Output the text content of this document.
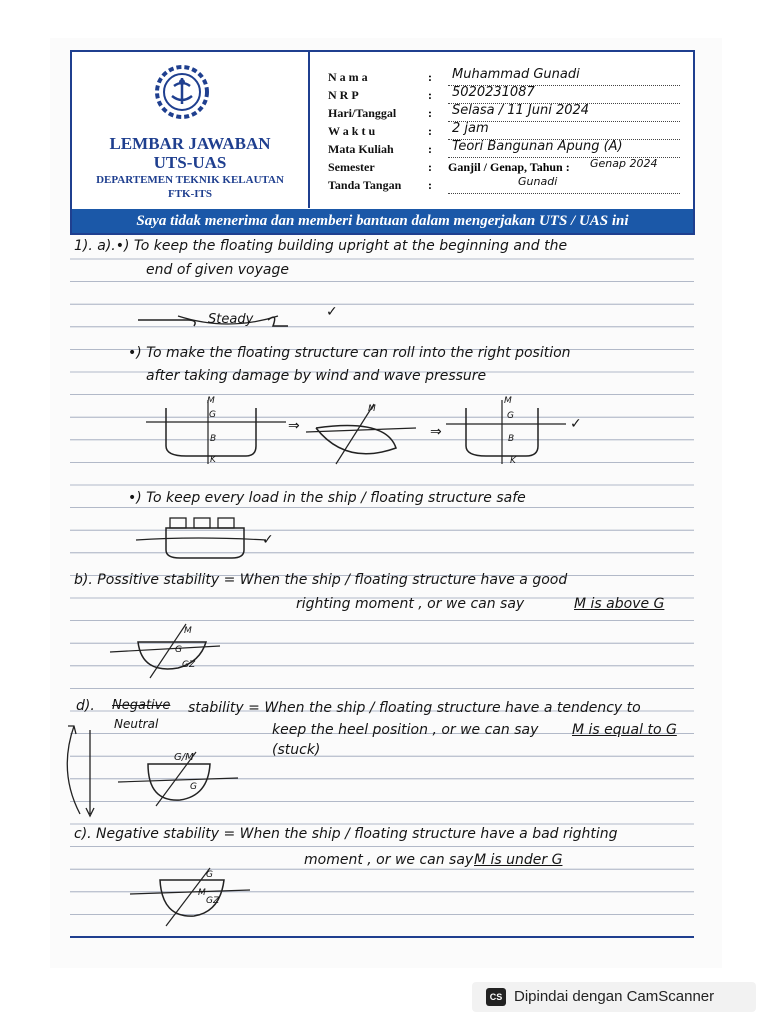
LEMBAR JAWABAN
UTS-UAS
DEPARTEMEN TEKNIK KELAUTAN
FTK-ITS
N a m a	: Muhammad Gunadi
N R P	: 5020231087
Hari/Tanggal	: Selasa / 11 Juni 2024
W a k t u	: 2 jam
Mata Kuliah	: Teori Bangunan Apung (A)
Semester	: Ganjil / Genap, Tahun : Genap 2024
Tanda Tangan	:	Gunadi
Saya tidak menerima dan memberi bantuan dalam mengerjakan UTS / UAS ini
1). a).•) To keep the floating building upright at the beginning and the
end of given voyage
Steady	✓
•) To make the floating structure can roll into the right position
after taking damage by wind and wave pressure
M
G
B
K
⇒
M
⇒
M
G
B
K
✓
•) To keep every load in the ship / floating structure safe
✓
b). Possitive stability = When the ship / floating structure have a good
righting moment , or we can say	M is above G
M
G
GZ
d). Negative
Neutral
stability = When the ship / floating structure have a tendency to
keep the heel position , or we can say M is equal to G
(stuck)
G/M
G
c). Negative stability = When the ship / floating structure have a bad righting
moment , or we can say M is under G
G
M
GZ
CS Dipindai dengan CamScanner
